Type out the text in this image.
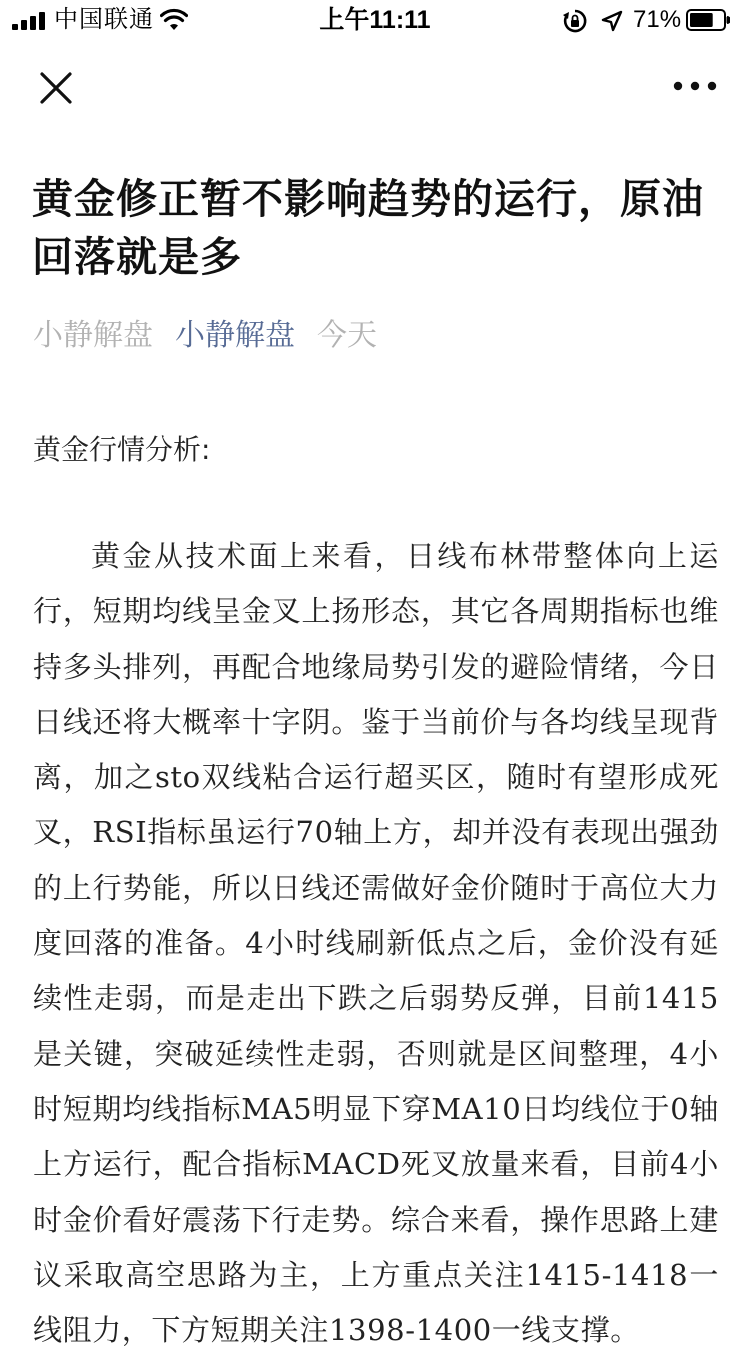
中国联通	上午11:11	71%
黄金修正暂不影响趋势的运行，原油回落就是多
小静解盘 小静解盘 今天
黄金行情分析:

黄金从技术面上来看，日线布林带整体向上运行，短期均线呈金叉上扬形态，其它各周期指标也维持多头排列，再配合地缘局势引发的避险情绪，今日日线还将大概率十字阴。鉴于当前价与各均线呈现背离，加之sto双线粘合运行超买区，随时有望形成死叉，RSI指标虽运行70轴上方，却并没有表现出强劲的上行势能，所以日线还需做好金价随时于高位大力度回落的准备。4小时线刷新低点之后，金价没有延续性走弱，而是走出下跌之后弱势反弹，目前1415是关键，突破延续性走弱，否则就是区间整理，4小时短期均线指标MA5明显下穿MA10日均线位于0轴上方运行，配合指标MACD死叉放量来看，目前4小时金价看好震荡下行走势。综合来看，操作思路上建议采取高空思路为主，上方重点关注1415-1418一线阻力，下方短期关注1398-1400一线支撑。
